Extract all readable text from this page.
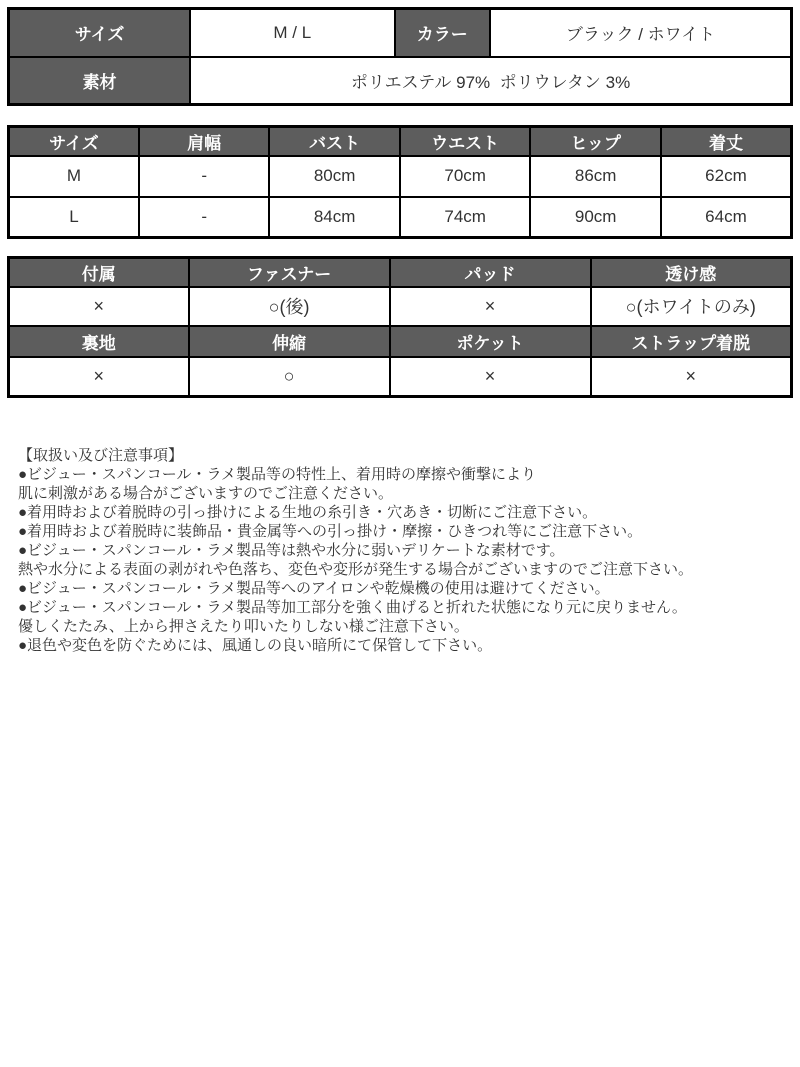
サイズ	M / L	カラー	ブラック / ホワイト
素材	ポリエステル 97%  ポリウレタン 3%		
サイズ	肩幅	バスト	ウエスト	ヒップ	着丈
M	-	80cm	70cm	86cm	62cm
L	-	84cm	74cm	90cm	64cm
付属	ファスナー	パッド	透け感
×	○(後)	×	○(ホワイトのみ)
裏地	伸縮	ポケット	ストラップ着脱
×	○	×	×
【取扱い及び注意事項】
●ビジュー・スパンコール・ラメ製品等の特性上、着用時の摩擦や衝撃により
肌に刺激がある場合がございますのでご注意ください。
●着用時および着脱時の引っ掛けによる生地の糸引き・穴あき・切断にご注意下さい。
●着用時および着脱時に装飾品・貴金属等への引っ掛け・摩擦・ひきつれ等にご注意下さい。
●ビジュー・スパンコール・ラメ製品等は熱や水分に弱いデリケートな素材です。
熱や水分による表面の剥がれや色落ち、変色や変形が発生する場合がございますのでご注意下さい。
●ビジュー・スパンコール・ラメ製品等へのアイロンや乾燥機の使用は避けてください。
●ビジュー・スパンコール・ラメ製品等加工部分を強く曲げると折れた状態になり元に戻りません。
優しくたたみ、上から押さえたり叩いたりしない様ご注意下さい。
●退色や変色を防ぐためには、風通しの良い暗所にて保管して下さい。
